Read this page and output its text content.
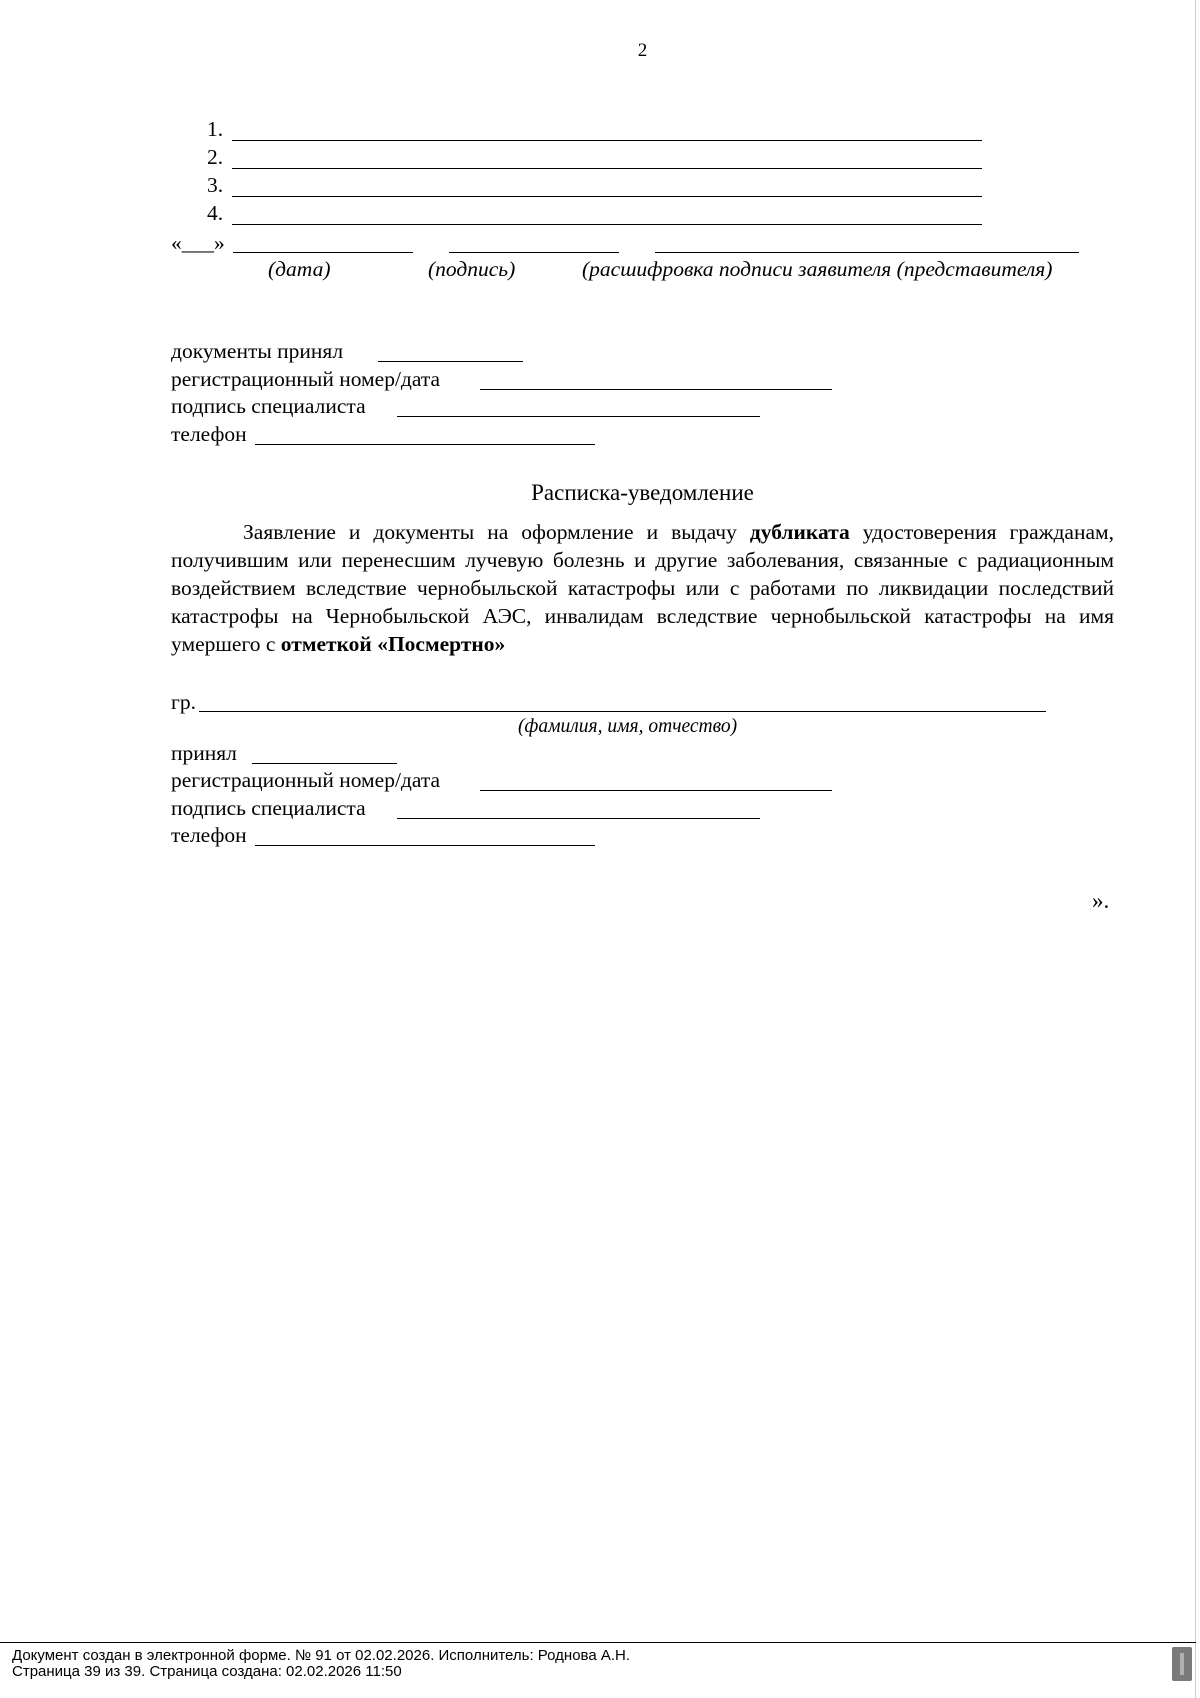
2
1.
2.
3.
4.
«___»
(дата)	(подпись)	(расшифровка подписи заявителя (представителя)
документы принял
регистрационный номер/дата
подпись специалиста
телефон
Расписка-уведомление
Заявление и документы на оформление и выдачу дубликата удостоверения гражданам, получившим или перенесшим лучевую болезнь и другие заболевания, связанные с радиационным воздействием вследствие чернобыльской катастрофы или с работами по ликвидации последствий катастрофы на Чернобыльской АЭС, инвалидам вследствие чернобыльской катастрофы на имя умершего с отметкой «Посмертно»
гр.
(фамилия, имя, отчество)
принял
регистрационный номер/дата
подпись специалиста
телефон
».
Документ создан в электронной форме. № 91 от 02.02.2026. Исполнитель: Роднова А.Н.
Страница 39 из 39. Страница создана: 02.02.2026 11:50
